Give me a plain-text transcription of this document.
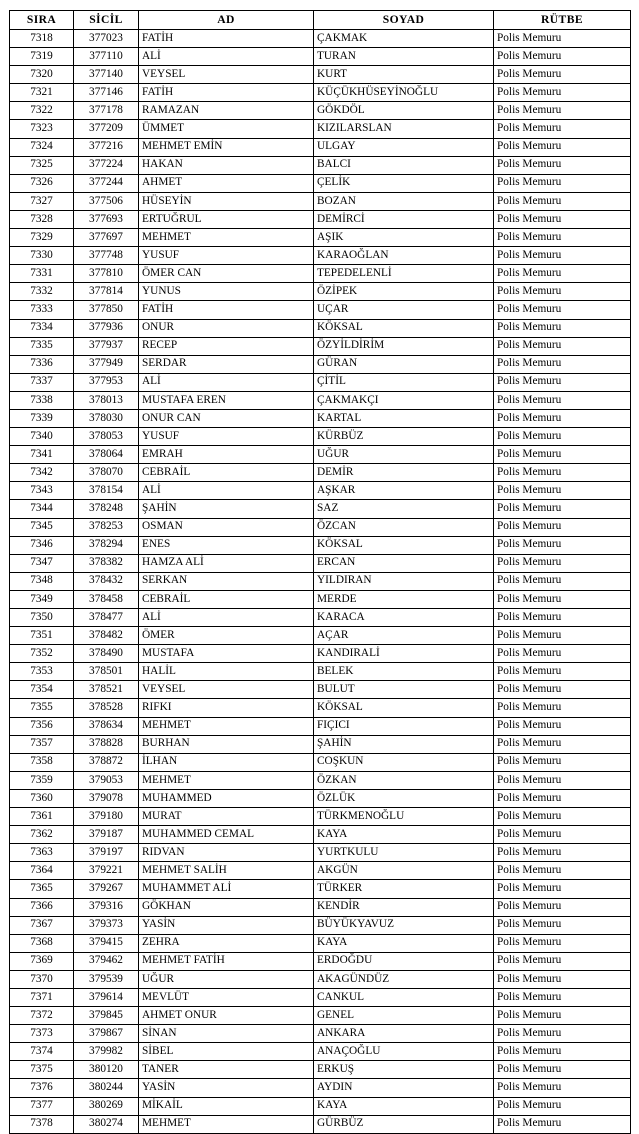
SIRA	SİCİL	AD	SOYAD	RÜTBE
7318	377023	FATİH	ÇAKMAK	Polis Memuru
7319	377110	ALİ	TURAN	Polis Memuru
7320	377140	VEYSEL	KURT	Polis Memuru
7321	377146	FATİH	KÜÇÜKHÜSEYİNOĞLU	Polis Memuru
7322	377178	RAMAZAN	GÖKDÖL	Polis Memuru
7323	377209	ÜMMET	KIZILARSLAN	Polis Memuru
7324	377216	MEHMET EMİN	ULGAY	Polis Memuru
7325	377224	HAKAN	BALCI	Polis Memuru
7326	377244	AHMET	ÇELİK	Polis Memuru
7327	377506	HÜSEYİN	BOZAN	Polis Memuru
7328	377693	ERTUĞRUL	DEMİRCİ	Polis Memuru
7329	377697	MEHMET	AŞIK	Polis Memuru
7330	377748	YUSUF	KARAOĞLAN	Polis Memuru
7331	377810	ÖMER CAN	TEPEDELENLİ	Polis Memuru
7332	377814	YUNUS	ÖZİPEK	Polis Memuru
7333	377850	FATİH	UÇAR	Polis Memuru
7334	377936	ONUR	KÖKSAL	Polis Memuru
7335	377937	RECEP	ÖZYİLDİRİM	Polis Memuru
7336	377949	SERDAR	GÜRAN	Polis Memuru
7337	377953	ALİ	ÇİTİL	Polis Memuru
7338	378013	MUSTAFA EREN	ÇAKMAKÇI	Polis Memuru
7339	378030	ONUR CAN	KARTAL	Polis Memuru
7340	378053	YUSUF	KÜRBÜZ	Polis Memuru
7341	378064	EMRAH	UĞUR	Polis Memuru
7342	378070	CEBRAİL	DEMİR	Polis Memuru
7343	378154	ALİ	AŞKAR	Polis Memuru
7344	378248	ŞAHİN	SAZ	Polis Memuru
7345	378253	OSMAN	ÖZCAN	Polis Memuru
7346	378294	ENES	KÖKSAL	Polis Memuru
7347	378382	HAMZA ALİ	ERCAN	Polis Memuru
7348	378432	SERKAN	YILDIRAN	Polis Memuru
7349	378458	CEBRAİL	MERDE	Polis Memuru
7350	378477	ALİ	KARACA	Polis Memuru
7351	378482	ÖMER	AÇAR	Polis Memuru
7352	378490	MUSTAFA	KANDIRALİ	Polis Memuru
7353	378501	HALİL	BELEK	Polis Memuru
7354	378521	VEYSEL	BULUT	Polis Memuru
7355	378528	RIFKI	KÖKSAL	Polis Memuru
7356	378634	MEHMET	FIÇICI	Polis Memuru
7357	378828	BURHAN	ŞAHİN	Polis Memuru
7358	378872	İLHAN	COŞKUN	Polis Memuru
7359	379053	MEHMET	ÖZKAN	Polis Memuru
7360	379078	MUHAMMED	ÖZLÜK	Polis Memuru
7361	379180	MURAT	TÜRKMENOĞLU	Polis Memuru
7362	379187	MUHAMMED CEMAL	KAYA	Polis Memuru
7363	379197	RIDVAN	YURTKULU	Polis Memuru
7364	379221	MEHMET SALİH	AKGÜN	Polis Memuru
7365	379267	MUHAMMET ALİ	TÜRKER	Polis Memuru
7366	379316	GÖKHAN	KENDİR	Polis Memuru
7367	379373	YASİN	BÜYÜKYAVUZ	Polis Memuru
7368	379415	ZEHRA	KAYA	Polis Memuru
7369	379462	MEHMET FATİH	ERDOĞDU	Polis Memuru
7370	379539	UĞUR	AKAGÜNDÜZ	Polis Memuru
7371	379614	MEVLÜT	CANKUL	Polis Memuru
7372	379845	AHMET ONUR	GENEL	Polis Memuru
7373	379867	SİNAN	ANKARA	Polis Memuru
7374	379982	SİBEL	ANAÇOĞLU	Polis Memuru
7375	380120	TANER	ERKUŞ	Polis Memuru
7376	380244	YASİN	AYDIN	Polis Memuru
7377	380269	MİKAİL	KAYA	Polis Memuru
7378	380274	MEHMET	GÜRBÜZ	Polis Memuru
